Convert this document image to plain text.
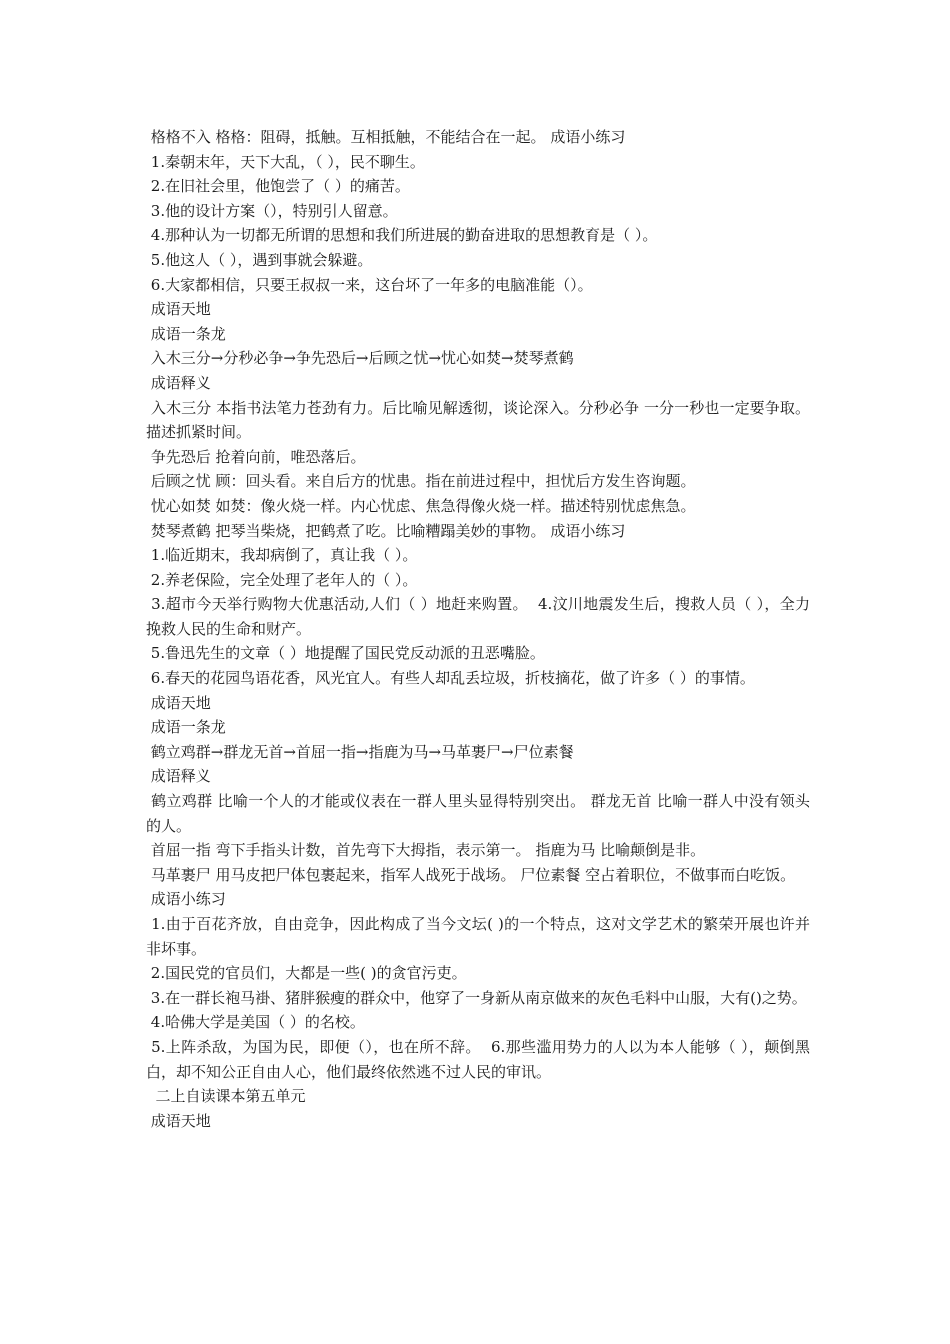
格格不入 格格：阻碍，抵触。互相抵触，不能结合在一起。 成语小练习
1.秦朝末年，天下大乱，（ ），民不聊生。
2.在旧社会里，他饱尝了（ ）的痛苦。
3.他的设计方案（），特别引人留意。
4.那种认为一切都无所谓的思想和我们所进展的勤奋进取的思想教育是（ ）。
5.他这人（ ），遇到事就会躲避。
6.大家都相信，只要王叔叔一来，这台坏了一年多的电脑准能（）。
成语天地
成语一条龙
入木三分→分秒必争→争先恐后→后顾之忧→忧心如焚→焚琴煮鹤
成语释义
入木三分 本指书法笔力苍劲有力。后比喻见解透彻，谈论深入。分秒必争 一分一秒也一定要争取。描述抓紧时间。
争先恐后 抢着向前，唯恐落后。
后顾之忧 顾：回头看。来自后方的忧患。指在前进过程中，担忧后方发生咨询题。
忧心如焚 如焚：像火烧一样。内心忧虑、焦急得像火烧一样。描述特别忧虑焦急。
焚琴煮鹤 把琴当柴烧，把鹤煮了吃。比喻糟蹋美妙的事物。 成语小练习
1.临近期末，我却病倒了，真让我（ ）。
2.养老保险，完全处理了老年人的（ ）。
3.超市今天举行购物大优惠活动,人们（ ）地赶来购置。  4.汶川地震发生后，搜救人员（ ），全力挽救人民的生命和财产。
5.鲁迅先生的文章（ ）地提醒了国民党反动派的丑恶嘴脸。
6.春天的花园鸟语花香，风光宜人。有些人却乱丢垃圾，折枝摘花，做了许多（ ）的事情。
成语天地
成语一条龙
鹤立鸡群→群龙无首→首屈一指→指鹿为马→马革裹尸→尸位素餐
成语释义
鹤立鸡群 比喻一个人的才能或仪表在一群人里头显得特别突出。 群龙无首 比喻一群人中没有领头的人。
首屈一指 弯下手指头计数，首先弯下大拇指，表示第一。 指鹿为马 比喻颠倒是非。
马革裹尸 用马皮把尸体包裹起来，指军人战死于战场。 尸位素餐 空占着职位，不做事而白吃饭。
成语小练习
1.由于百花齐放，自由竞争，因此构成了当今文坛( )的一个特点，这对文学艺术的繁荣开展也许并非坏事。
2.国民党的官员们，大都是一些( )的贪官污吏。
3.在一群长袍马褂、猪胖猴瘦的群众中，他穿了一身新从南京做来的灰色毛料中山服，大有()之势。
4.哈佛大学是美国（ ）的名校。
5.上阵杀敌，为国为民，即便（），也在所不辞。  6.那些滥用势力的人以为本人能够（ ），颠倒黑白，却不知公正自由人心，他们最终依然逃不过人民的审讯。
二上自读课本第五单元
成语天地
